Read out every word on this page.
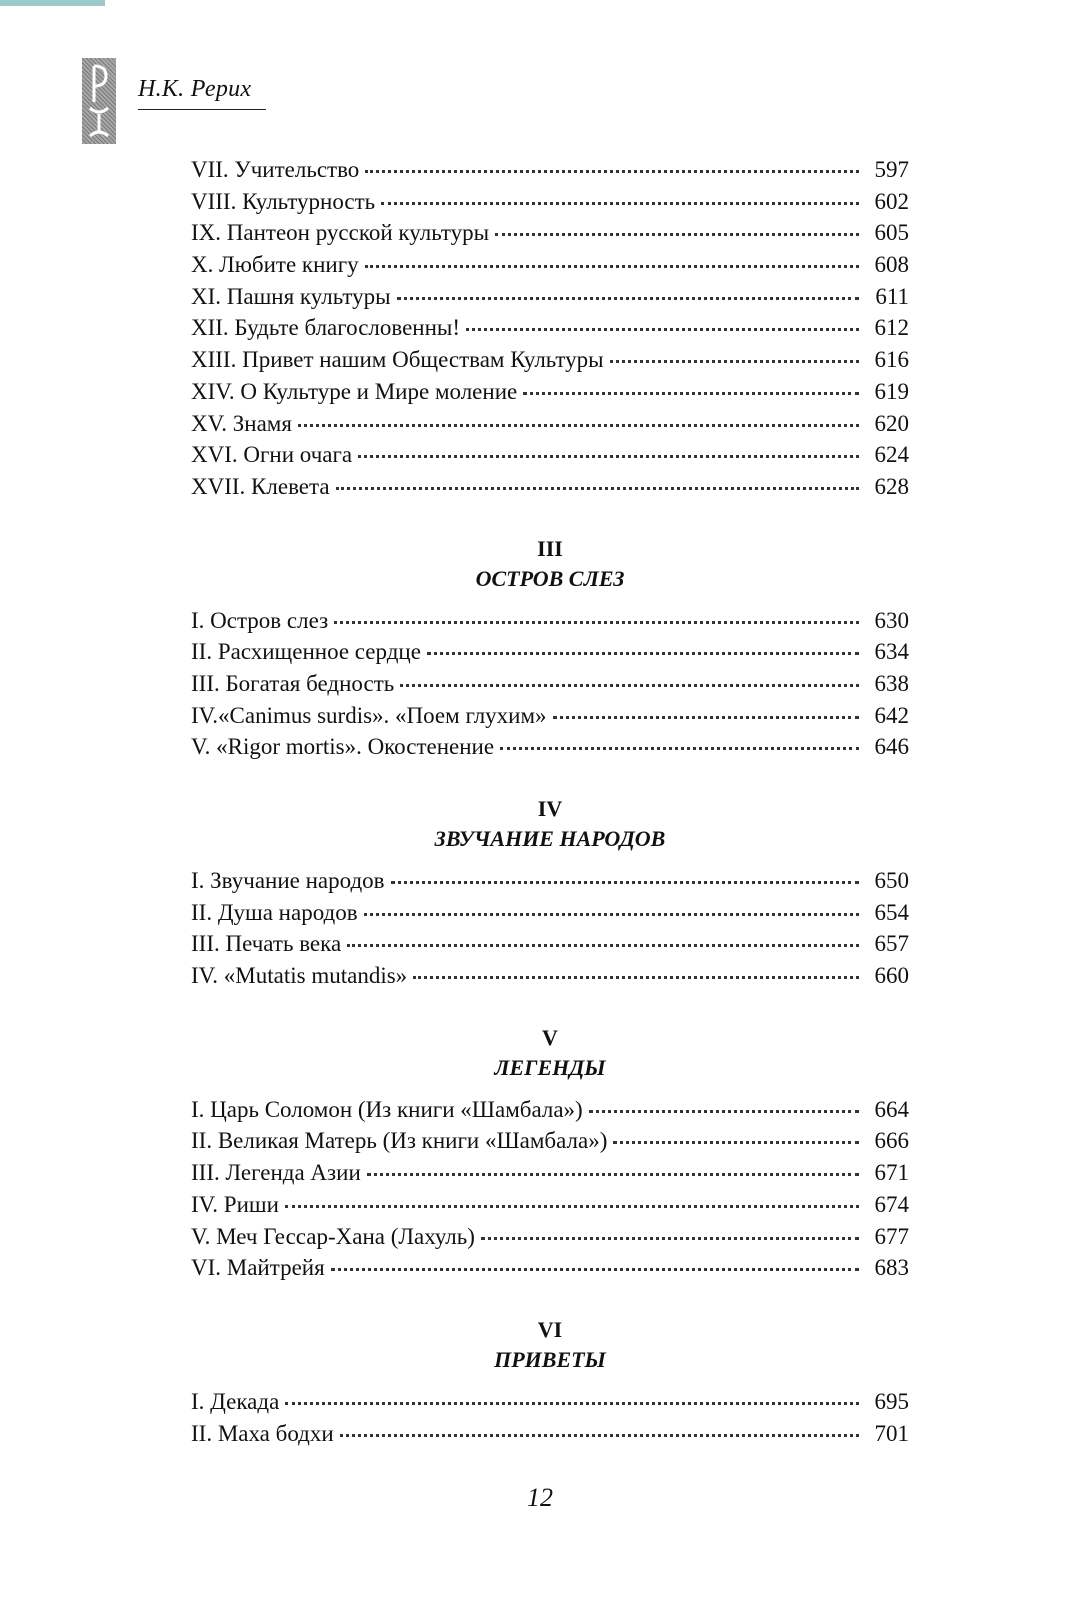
Н.К. Рерих
VII. Учительство	597
VIII. Культурность	602
IX. Пантеон русской культуры	605
X. Любите книгу	608
XI. Пашня культуры	611
XII. Будьте благословенны!	612
XIII. Привет нашим Обществам Культуры	616
XIV. О Культуре и Мире моление	619
XV. Знамя	620
XVI. Огни очага	624
XVII. Клевета	628
III
ОСТРОВ СЛЕЗ
I. Остров слез	630
II. Расхищенное сердце	634
III. Богатая бедность	638
IV.«Canimus surdis». «Поем глухим»	642
V. «Rigor mortis». Окостенение	646
IV
ЗВУЧАНИЕ НАРОДОВ
I. Звучание народов	650
II. Душа народов	654
III. Печать века	657
IV. «Mutatis mutandis»	660
V
ЛЕГЕНДЫ
I. Царь Соломон (Из книги «Шамбала»)	664
II. Великая Матерь (Из книги «Шамбала»)	666
III. Легенда Азии	671
IV. Риши	674
V. Меч Гессар-Хана (Лахуль)	677
VI. Майтрейя	683
VI
ПРИВЕТЫ
I. Декада	695
II. Маха бодхи	701
12
